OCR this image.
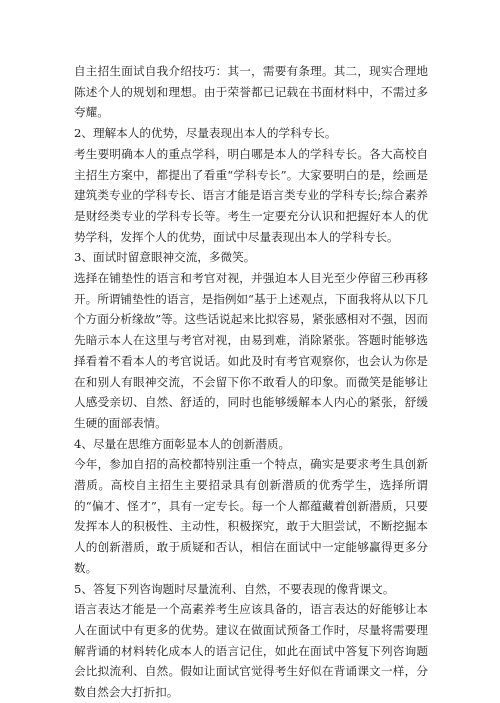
自主招生面试自我介绍技巧：其一，需要有条理。其二，现实合理地陈述个人的规划和理想。由于荣誉都已记载在书面材料中，不需过多夸耀。

2、理解本人的优势，尽量表现出本人的学科专长。

考生要明确本人的重点学科，明白哪是本人的学科专长。各大高校自主招生方案中，都提出了看重“学科专长”。大家要明白的是，绘画是建筑类专业的学科专长、语言才能是语言类专业的学科专长;综合素养是财经类专业的学科专长等。考生一定要充分认识和把握好本人的优势学科，发挥个人的优势，面试中尽量表现出本人的学科专长。

3、面试时留意眼神交流，多微笑。

选择在铺垫性的语言和考官对视，并强迫本人目光至少停留三秒再移开。所谓铺垫性的语言，是指例如“基于上述观点，下面我将从以下几个方面分析缘故”等。这些话说起来比拟容易，紧张感相对不强，因而先暗示本人在这里与考官对视，由易到难，消除紧张。答题时能够选择看着不看本人的考官说话。如此及时有考官观察你，也会认为你是在和别人有眼神交流，不会留下你不敢看人的印象。而微笑是能够让人感受亲切、自然、舒适的，同时也能够缓解本人内心的紧张，舒缓生硬的面部表情。

4、尽量在思维方面彰显本人的创新潜质。

今年，参加自招的高校都特别注重一个特点，确实是要求考生具创新潜质。高校自主招生主要招录具有创新潜质的优秀学生，选择所谓的“偏才、怪才”，具有一定专长。每一个人都蕴藏着创新潜质，只要发挥本人的积极性、主动性，积极探究，敢于大胆尝试，不断挖掘本人的创新潜质，敢于质疑和否认，相信在面试中一定能够赢得更多分数。

5、答复下列咨询题时尽量流利、自然，不要表现的像背课文。

语言表达才能是一个高素养考生应该具备的，语言表达的好能够让本人在面试中有更多的优势。建议在做面试预备工作时，尽量将需要理解背诵的材料转化成本人的语言记住，如此在面试中答复下列咨询题会比拟流利、自然。假如让面试官觉得考生好似在背诵课文一样，分数自然会大打折扣。
